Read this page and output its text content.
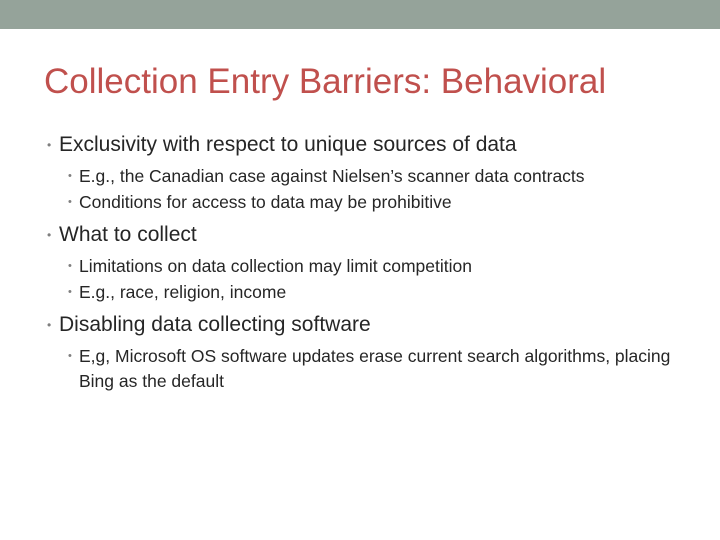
Collection Entry Barriers: Behavioral
• Exclusivity with respect to unique sources of data
• E.g., the Canadian case against Nielsen’s scanner data contracts
• Conditions for access to data may be prohibitive
• What to collect
• Limitations on data collection may limit competition
• E.g., race, religion, income
• Disabling data collecting software
• E,g, Microsoft OS software updates erase current search algorithms, placing Bing as the default
